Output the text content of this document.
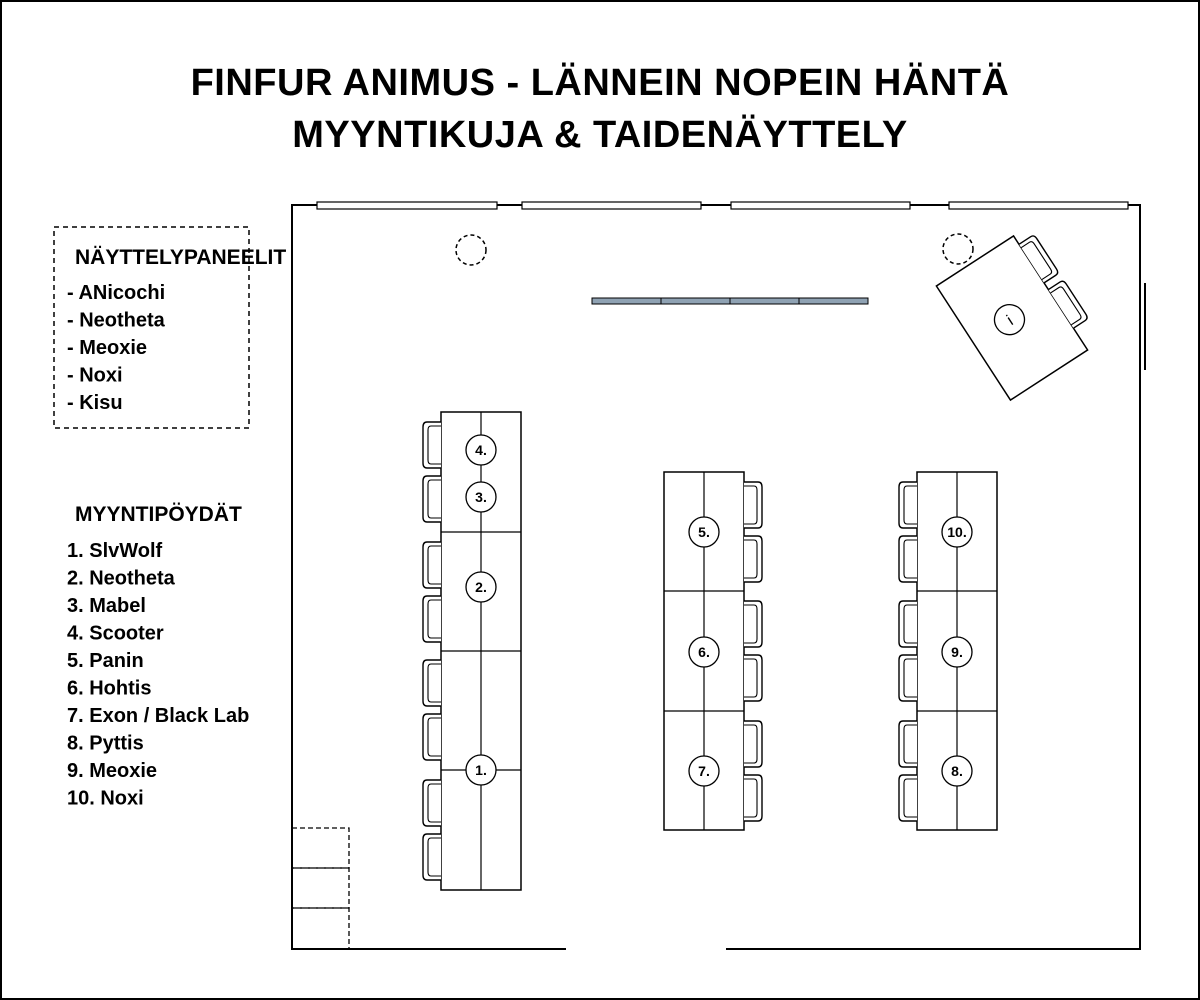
FINFUR ANIMUS - LÄNNEIN NOPEIN HÄNTÄ
MYYNTIKUJA & TAIDENÄYTTELY
NÄYTTELYPANEELIT
- ANicochi
- Neotheta
- Meoxie
- Noxi
- Kisu
MYYNTIPÖYDÄT
1. SlvWolf
2. Neotheta
3. Mabel
4. Scooter
5. Panin
6. Hohtis
7. Exon / Black Lab
8. Pyttis
9. Meoxie
10. Noxi
4.
3.
2.
1.
5.
6.
7.
10.
9.
8.
i
